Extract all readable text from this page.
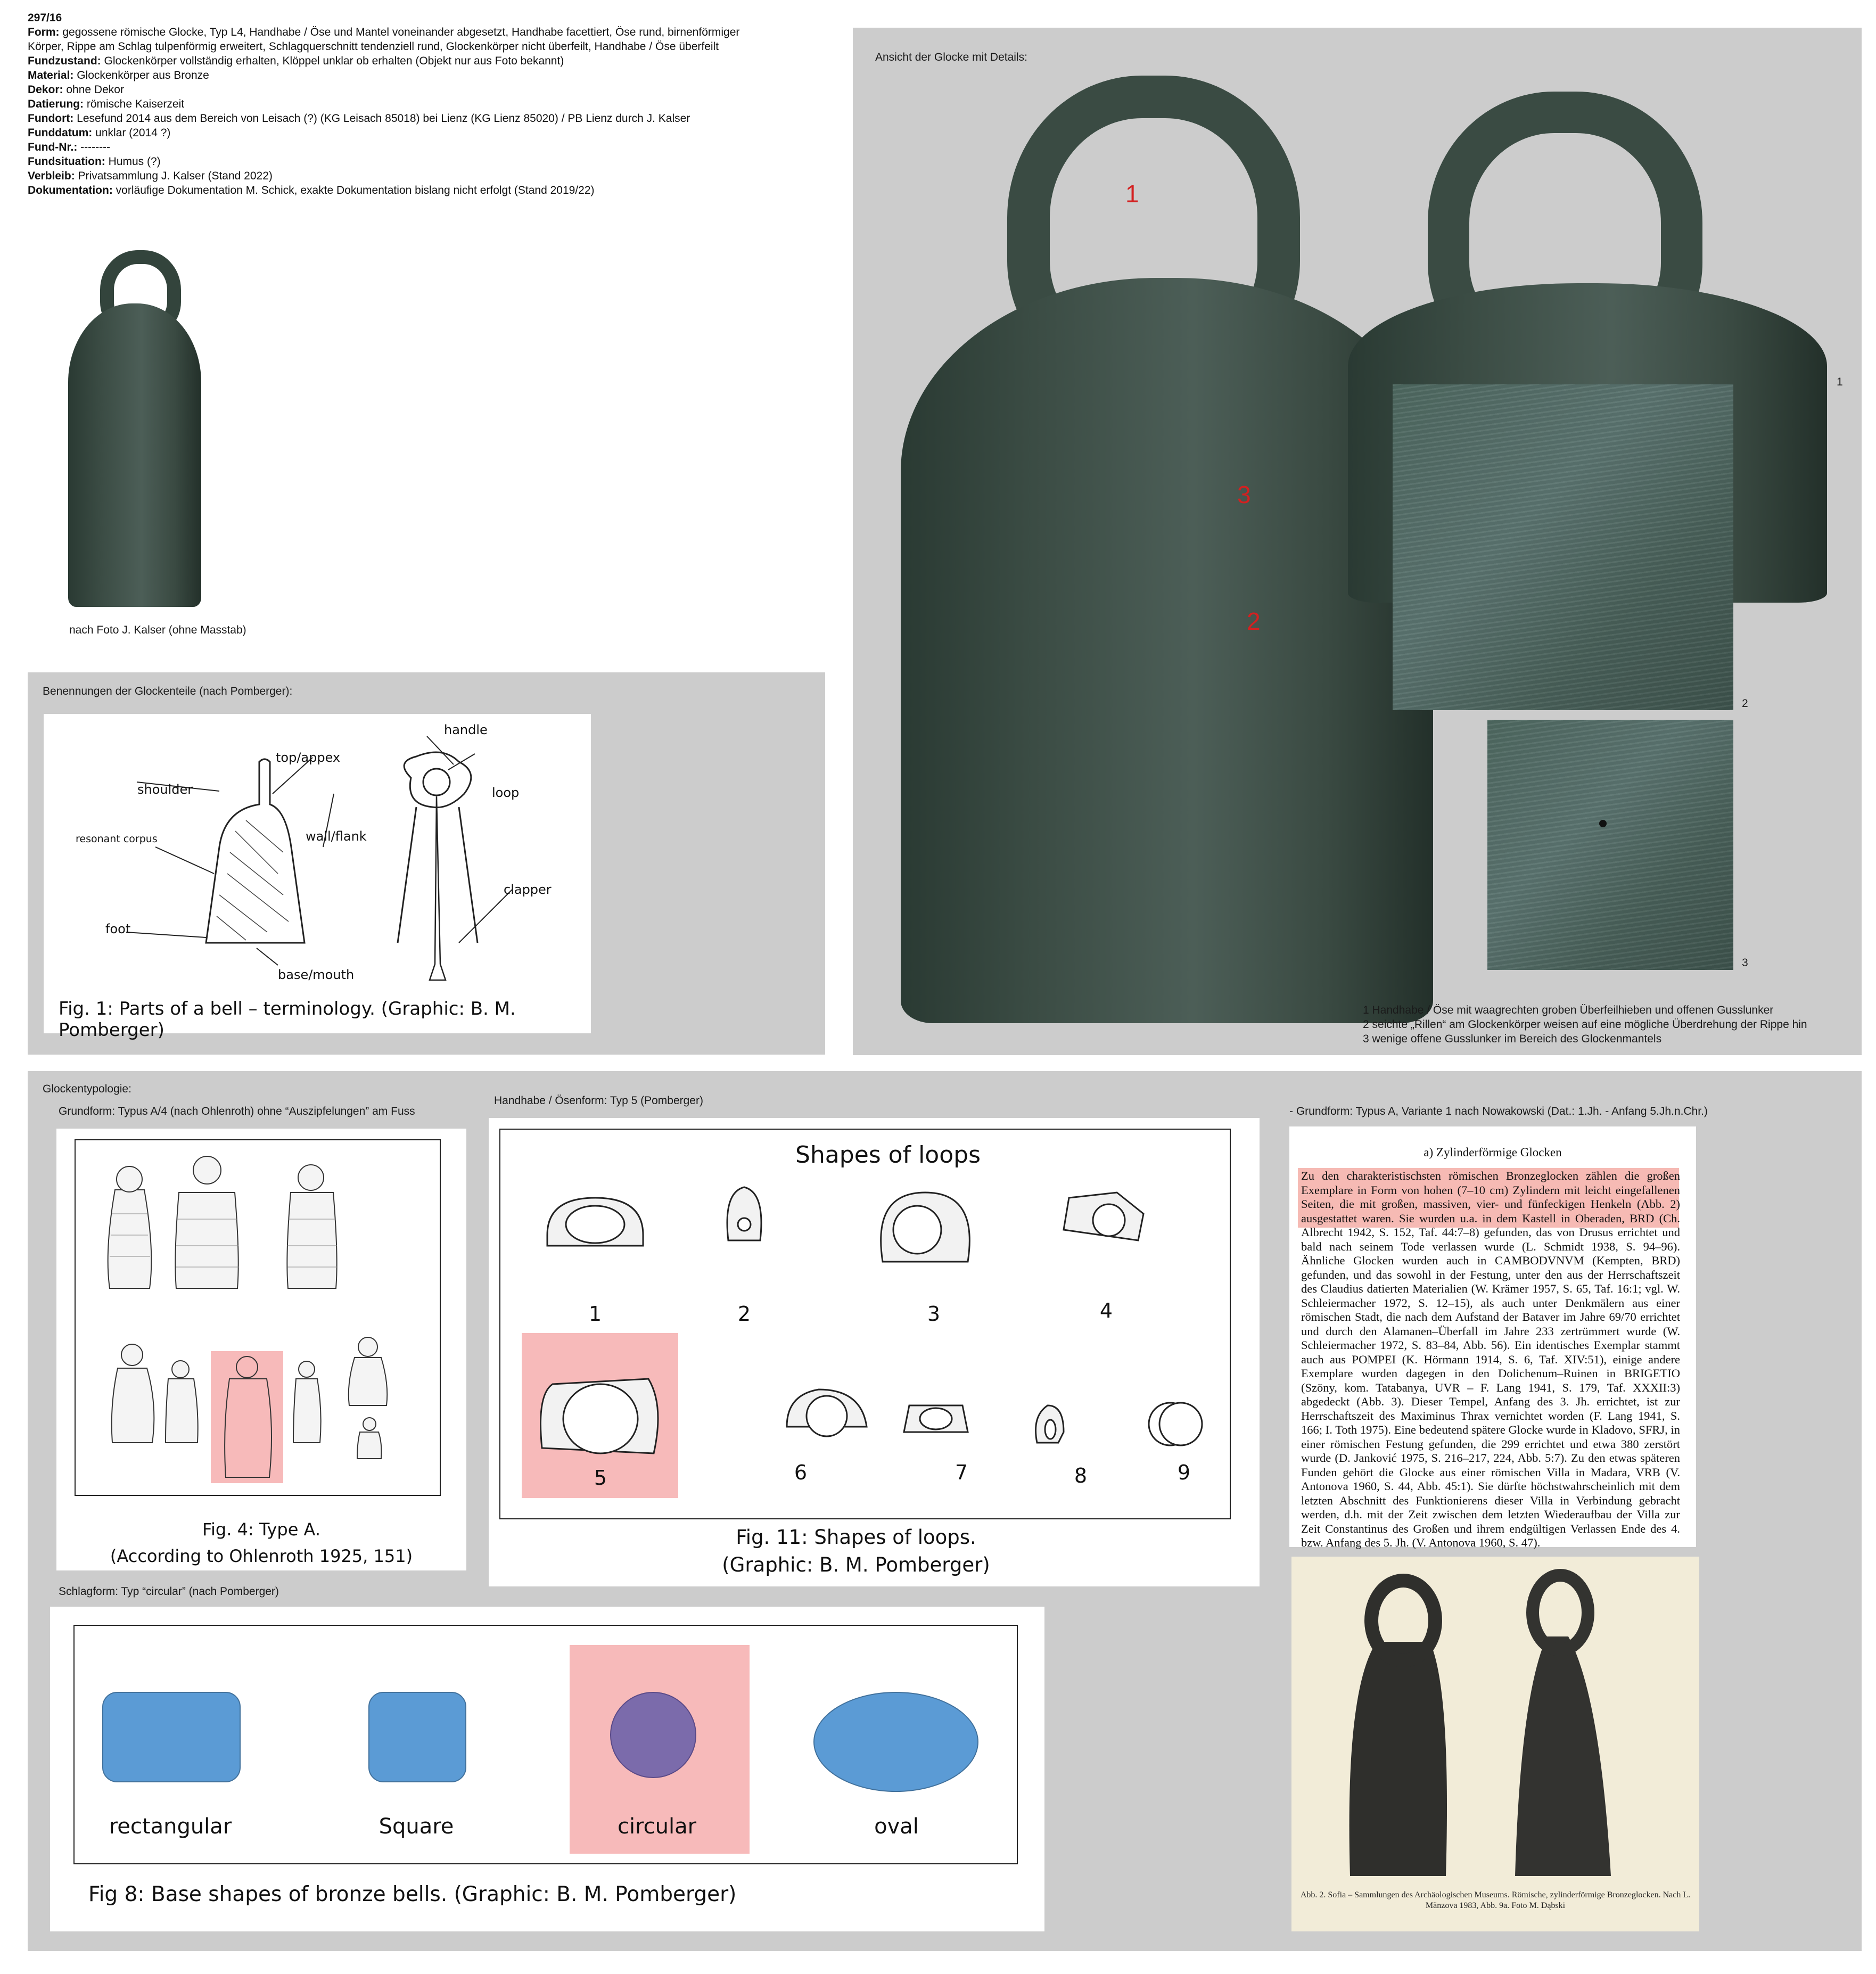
297/16
Form: gegossene römische Glocke, Typ L4, Handhabe / Öse und Mantel voneinander abgesetzt, Handhabe facettiert, Öse rund, birnenförmiger
Körper, Rippe am Schlag tulpenförmig erweitert, Schlagquerschnitt tendenziell rund, Glockenkörper nicht überfeilt, Handhabe / Öse überfeilt
Fundzustand: Glockenkörper vollständig erhalten, Klöppel unklar ob erhalten (Objekt nur aus Foto bekannt)
Material: Glockenkörper aus Bronze
Dekor: ohne Dekor
Datierung: römische Kaiserzeit
Fundort: Lesefund 2014 aus dem Bereich von Leisach (?) (KG Leisach 85018) bei Lienz (KG Lienz 85020) / PB Lienz durch J. Kalser
Funddatum: unklar (2014 ?)
Fund-Nr.: --------
Fundsituation: Humus (?)
Verbleib: Privatsammlung J. Kalser (Stand 2022)
Dokumentation: vorläufige Dokumentation M. Schick, exakte Dokumentation bislang nicht erfolgt (Stand 2019/22)
nach Foto J. Kalser (ohne Masstab)
Benennungen der Glockenteile (nach Pomberger):
handle
top/appex
shoulder	loop
wall/flank
resonant corpus
clapper
foot
base/mouth
Fig. 1: Parts of a bell – terminology. (Graphic: B. M. Pomberger)
Ansicht der Glocke mit Details:
1
3
2
1
2
3
1 Handhabe / Öse mit waagrechten groben Überfeilhieben und offenen Gusslunker
2 seichte „Rillen“ am Glockenkörper weisen auf eine mögliche Überdrehung der Rippe hin
3 wenige offene Gusslunker im Bereich des Glockenmantels
Glockentypologie:
Grundform: Typus A/4 (nach Ohlenroth) ohne “Auszipfelungen” am Fuss
Handhabe / Ösenform: Typ 5 (Pomberger)
- Grundform: Typus A, Variante 1 nach Nowakowski (Dat.: 1.Jh. - Anfang 5.Jh.n.Chr.)
Fig. 4: Type A.
(According to Ohlenroth 1925, 151)
Shapes of loops
1	2	3	4
5	6	7	8	9
Fig. 11: Shapes of loops.
(Graphic: B. M. Pomberger)
Schlagform: Typ “circular” (nach Pomberger)
rectangular	Square	circular	oval
Fig 8: Base shapes of bronze bells. (Graphic: B. M. Pomberger)
a) Zylinderförmige Glocken
Zu den charakteristischsten römischen Bronzeglocken zählen die großen Exemplare in Form von hohen (7–10 cm) Zylindern mit leicht eingefallenen Seiten, die mit großen, massiven, vier- und fünfeckigen Henkeln (Abb. 2) ausgestattet waren. Sie wurden u.a. in dem Kastell in Oberaden, BRD (Ch. Albrecht 1942, S. 152, Taf. 44:7–8) gefunden, das von Drusus errichtet und bald nach seinem Tode verlassen wurde (L. Schmidt 1938, S. 94–96). Ähnliche Glocken wurden auch in CAMBODVNVM (Kempten, BRD) gefunden, und das sowohl in der Festung, unter den aus der Herrschaftszeit des Claudius datierten Materialien (W. Krämer 1957, S. 65, Taf. 16:1; vgl. W. Schleiermacher 1972, S. 12–15), als auch unter Denkmälern aus einer römischen Stadt, die nach dem Aufstand der Bataver im Jahre 69/70 errichtet und durch den Alamanen–Überfall im Jahre 233 zertrümmert wurde (W. Schleiermacher 1972, S. 83–84, Abb. 56). Ein identisches Exemplar stammt auch aus POMPEI (K. Hörmann 1914, S. 6, Taf. XIV:51), einige andere Exemplare wurden dagegen in den Dolichenum–Ruinen in BRIGETIO (Szöny, kom. Tatabanya, UVR – F. Lang 1941, S. 179, Taf. XXXII:3) abgedeckt (Abb. 3). Dieser Tempel, Anfang des 3. Jh. errichtet, ist zur Herrschaftszeit des Maximinus Thrax vernichtet worden (F. Lang 1941, S. 166; I. Toth 1975). Eine bedeutend spätere Glocke wurde in Kladovo, SFRJ, in einer römischen Festung gefunden, die 299 errichtet und etwa 380 zerstört wurde (D. Janković 1975, S. 216–217, 224, Abb. 5:7). Zu den etwas späteren Funden gehört die Glocke aus einer römischen Villa in Madara, VRB (V. Antonova 1960, S. 44, Abb. 45:1). Sie dürfte höchstwahrscheinlich mit dem letzten Abschnitt des Funktionierens dieser Villa in Verbindung gebracht werden, d.h. mit der Zeit zwischen dem letzten Wiederaufbau der Villa zur Zeit Constantinus des Großen und ihrem endgültigen Verlassen Ende des 4. bzw. Anfang des 5. Jh. (V. Antonova 1960, S. 47).
Abb. 2. Sofia – Sammlungen des Archäologischen Museums. Römische, zylinderförmige Bronzeglocken. Nach L. Mănzova 1983, Abb. 9a. Foto M. Dąbski
